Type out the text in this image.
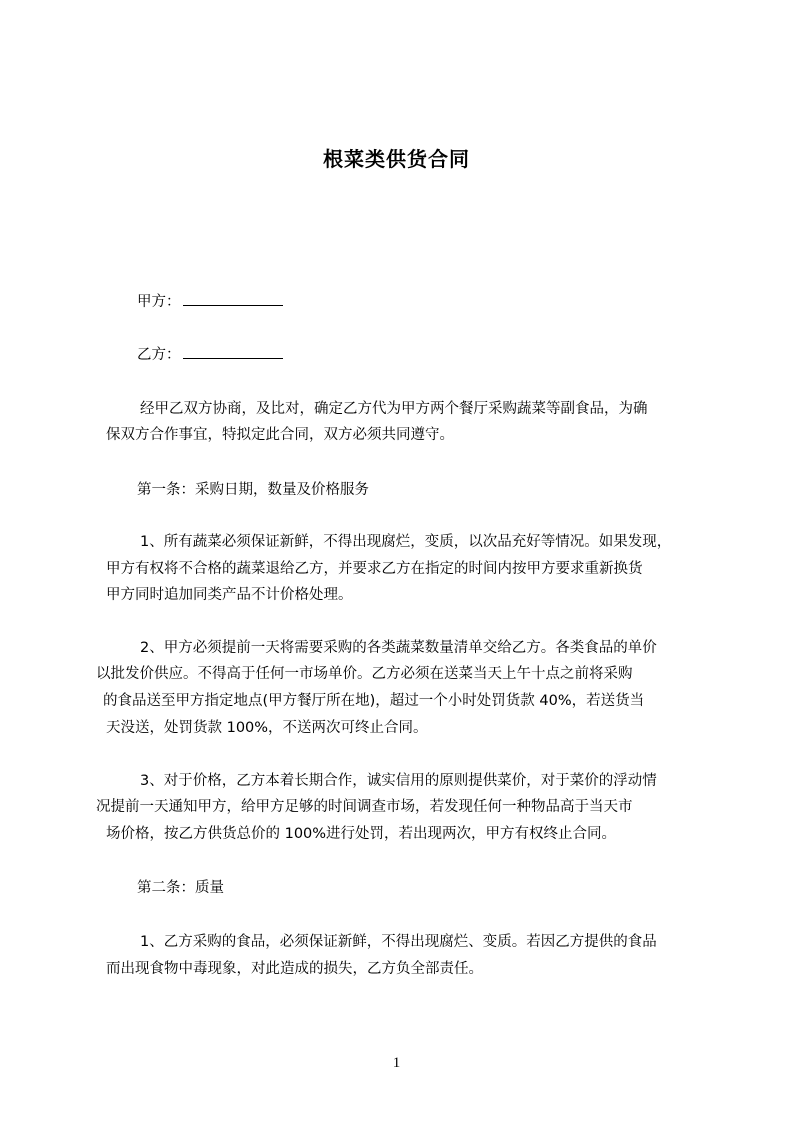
根菜类供货合同
甲方：
乙方：
经甲乙双方协商，及比对，确定乙方代为甲方两个餐厅采购蔬菜等副食品，为确
保双方合作事宜，特拟定此合同，双方必须共同遵守。
第一条：采购日期，数量及价格服务
1、所有蔬菜必须保证新鲜，不得出现腐烂，变质，以次品充好等情况。如果发现，
甲方有权将不合格的蔬菜退给乙方，并要求乙方在指定的时间内按甲方要求重新换货
甲方同时追加同类产品不计价格处理。
2、甲方必须提前一天将需要采购的各类蔬菜数量清单交给乙方。各类食品的单价
以批发价供应。不得高于任何一市场单价。乙方必须在送菜当天上午十点之前将采购
的食品送至甲方指定地点(甲方餐厅所在地)，超过一个小时处罚货款 40%，若送货当
天没送，处罚货款 100%，不送两次可终止合同。
3、对于价格，乙方本着长期合作，诚实信用的原则提供菜价，对于菜价的浮动情
况提前一天通知甲方，给甲方足够的时间调查市场，若发现任何一种物品高于当天市
场价格，按乙方供货总价的 100%进行处罚，若出现两次，甲方有权终止合同。
第二条：质量
1、乙方采购的食品，必须保证新鲜，不得出现腐烂、变质。若因乙方提供的食品
而出现食物中毒现象，对此造成的损失，乙方负全部责任。
1
